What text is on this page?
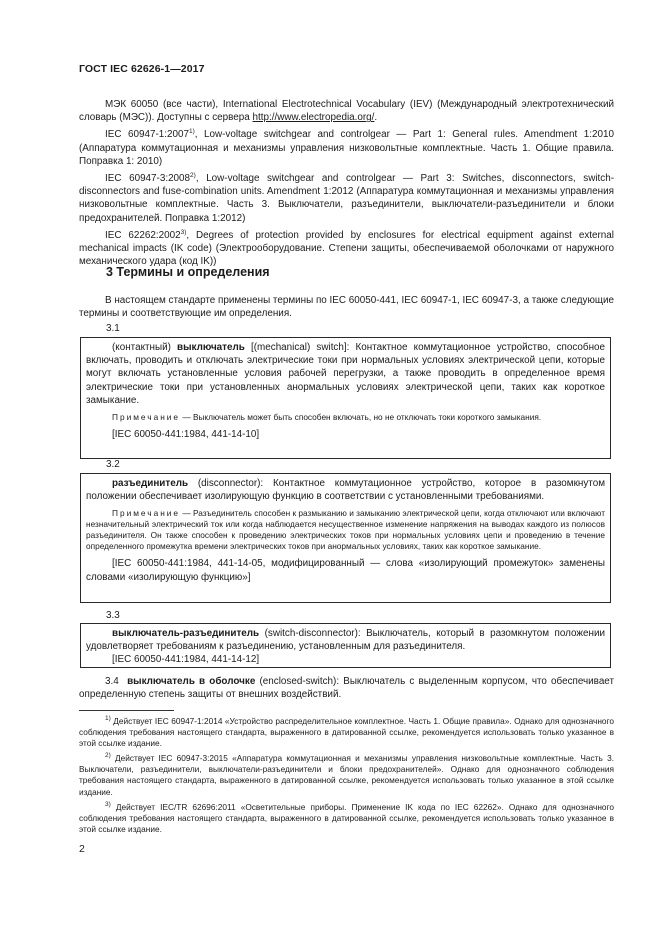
ГОСТ IEC 62626-1—2017

МЭК 60050 (все части), International Electrotechnical Vocabulary (IEV) (Международный электротехнический словарь (МЭС)). Доступны с сервера http://www.electropedia.org/.

IEC 60947-1:2007$^{1)}$, Low-voltage switchgear and controlgear — Part 1: General rules. Amendment 1:2010 (Аппаратура коммутационная и механизмы управления низковольтные комплектные. Часть 1. Общие правила. Поправка 1: 2010)

IEC 60947-3:2008$^{2)}$, Low-voltage switchgear and controlgear — Part 3: Switches, disconnectors, switch-disconnectors and fuse-combination units. Amendment 1:2012 (Аппаратура коммутационная и механизмы управления низковольтные комплектные. Часть 3. Выключатели, разъединители, выключатели-разъединители и блоки предохранителей. Поправка 1:2012)

IEC 62262:2002$^{3)}$, Degrees of protection provided by enclosures for electrical equipment against external mechanical impacts (IK code) (Электрооборудование. Степени защиты, обеспечиваемой оболочками от наружного механического удара (код IK))

3 Термины и определения

В настоящем стандарте применены термины по IEC 60050-441, IEC 60947-1, IEC 60947-3, а также следующие термины и соответствующие им определения.

3.1

(контактный) выключатель [(mechanical) switch]: Контактное коммутационное устройство, способное включать, проводить и отключать электрические токи при нормальных условиях электрической цепи, которые могут включать установленные условия рабочей перегрузки, а также проводить в определенное время электрические токи при установленных анормальных условиях электрической цепи, таких как короткое замыкание.

Примечание — Выключатель может быть способен включать, но не отключать токи короткого замыкания.

[IEC 60050-441:1984, 441-14-10]

3.2

разъединитель (disconnector): Контактное коммутационное устройство, которое в разомкнутом положении обеспечивает изолирующую функцию в соответствии с установленными требованиями.

Примечание — Разъединитель способен к размыканию и замыканию электрической цепи, когда отключают или включают незначительный электрический ток или когда наблюдается несущественное изменение напряжения на выводах каждого из полюсов разъединителя. Он также способен к проведению электрических токов при нормальных условиях цепи и проведению в течение определенного промежутка времени электрических токов при анормальных условиях, таких как короткое замыкание.

[IEC 60050-441:1984, 441-14-05, модифицированный — слова «изолирующий промежуток» заменены словами «изолирующую функцию»]

3.3

выключатель-разъединитель (switch-disconnector): Выключатель, который в разомкнутом положении удовлетворяет требованиям к разъединению, установленным для разъединителя.

[IEC 60050-441:1984, 441-14-12]

3.4 выключатель в оболочке (enclosed-switch): Выключатель с выделенным корпусом, что обеспечивает определенную степень защиты от внешних воздействий.

$^{1)}$ Действует IEC 60947-1:2014 «Устройство распределительное комплектное. Часть 1. Общие правила». Однако для однозначного соблюдения требования настоящего стандарта, выраженного в датированной ссылке, рекомендуется использовать только указанное в этой ссылке издание.

$^{2)}$ Действует IEC 60947-3:2015 «Аппаратура коммутационная и механизмы управления низковольтные комплектные. Часть 3. Выключатели, разъединители, выключатели-разъединители и блоки предохранителей». Однако для однозначного соблюдения требования настоящего стандарта, выраженного в датированной ссылке, рекомендуется использовать только указанное в этой ссылке издание.

$^{3)}$ Действует IEC/TR 62696:2011 «Осветительные приборы. Применение IK кода по IEC 62262». Однако для однозначного соблюдения требования настоящего стандарта, выраженного в датированной ссылке, рекомендуется использовать только указанное в этой ссылке издание.

2
